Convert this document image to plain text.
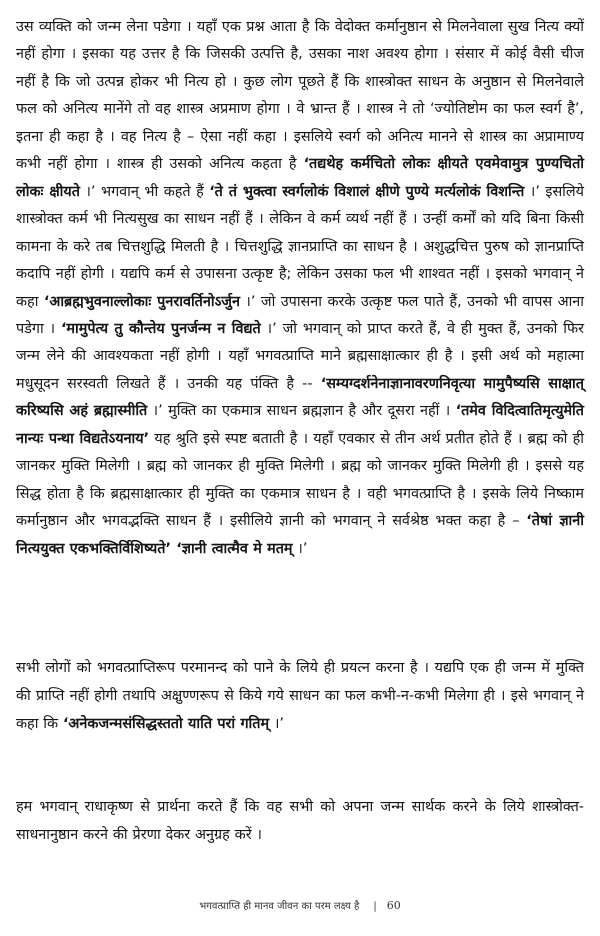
उस व्यक्ति को जन्म लेना पडेगा । यहाँ एक प्रश्न आता है कि वेदोक्त कर्मानुष्ठान से मिलनेवाला सुख नित्य क्यों नहीं होगा । इसका यह उत्तर है कि जिसकी उत्पत्ति है, उसका नाश अवश्य होगा । संसार में कोई वैसी चीज नहीं है कि जो उत्पन्न होकर भी नित्य हो । कुछ लोग पूछते हैं कि शास्त्रोक्त साधन के अनुष्ठान से मिलनेवाले फल को अनित्य मानेंगे तो वह शास्त्र अप्रमाण होगा । वे भ्रान्त हैं । शास्त्र ने तो ‘ज्योतिष्टोम का फल स्वर्ग है’, इतना ही कहा है । वह नित्य है – ऐसा नहीं कहा । इसलिये स्वर्ग को अनित्य मानने से शास्त्र का अप्रामाण्य कभी नहीं होगा । शास्त्र ही उसको अनित्य कहता है ‘तद्यथेह कर्मचितो लोकः क्षीयते एवमेवामुत्र पुण्यचितो लोकः क्षीयते ।’ भगवान् भी कहते हैं ‘ते तं भुक्त्वा स्वर्गलोकं विशालं क्षीणे पुण्ये मर्त्यलोकं विशन्ति ।’ इसलिये शास्त्रोक्त कर्म भी नित्यसुख का साधन नहीं हैं । लेकिन वे कर्म व्यर्थ नहीं हैं । उन्हीं कर्मों को यदि बिना किसी कामना के करे तब चित्तशुद्धि मिलती है । चित्तशुद्धि ज्ञानप्राप्ति का साधन है । अशुद्धचित्त पुरुष को ज्ञानप्राप्ति कदापि नहीं होगी । यद्यपि कर्म से उपासना उत्कृष्ट है; लेकिन उसका फल भी शाश्वत नहीं । इसको भगवान् ने कहा ‘आब्रह्मभुवनाल्लोकाः पुनरावर्तिनोऽर्जुन ।’ जो उपासना करके उत्कृष्ट फल पाते हैं, उनको भी वापस आना पडेगा । ‘मामुपेत्य तु कौन्तेय पुनर्जन्म न विद्यते ।’ जो भगवान् को प्राप्त करते हैं, वे ही मुक्त हैं, उनको फिर जन्म लेने की आवश्यकता नहीं होगी । यहाँ भगवत्प्राप्ति माने ब्रह्मसाक्षात्कार ही है । इसी अर्थ को महात्मा मधुसूदन सरस्वती लिखते हैं । उनकी यह पंक्ति है -- ‘सम्यग्दर्शनेनाज्ञानावरणनिवृत्या मामुपैष्यसि साक्षात् करिष्यसि अहं ब्रह्मास्मीति ।’ मुक्ति का एकमात्र साधन ब्रह्मज्ञान है और दूसरा नहीं । ‘तमेव विदित्वातिमृत्युमेति नान्यः पन्था विद्यतेऽयनाय’ यह श्रुति इसे स्पष्ट बताती है । यहाँ एवकार से तीन अर्थ प्रतीत होते हैं । ब्रह्म को ही जानकर मुक्ति मिलेगी । ब्रह्म को जानकर ही मुक्ति मिलेगी । ब्रह्म को जानकर मुक्ति मिलेगी ही । इससे यह सिद्ध होता है कि ब्रह्मसाक्षात्कार ही मुक्ति का एकमात्र साधन है । वही भगवत्प्राप्ति है । इसके लिये निष्काम कर्मानुष्ठान और भगवद्भक्ति साधन हैं । इसीलिये ज्ञानी को भगवान् ने सर्वश्रेष्ठ भक्त कहा है – ‘तेषां ज्ञानी नित्ययुक्त एकभक्तिर्विशिष्यते’ ‘ज्ञानी त्वात्मैव मे मतम् ।’

सभी लोगों को भगवत्प्राप्तिरूप परमानन्द को पाने के लिये ही प्रयत्न करना है । यद्यपि एक ही जन्म में मुक्ति की प्राप्ति नहीं होगी तथापि अक्षुण्णरूप से किये गये साधन का फल कभी-न-कभी मिलेगा ही । इसे भगवान् ने कहा कि ‘अनेकजन्मसंसिद्धस्ततो याति परां गतिम् ।’

हम भगवान् राधाकृष्ण से प्रार्थना करते हैं कि वह सभी को अपना जन्म सार्थक करने के लिये शास्त्रोक्त-साधनानुष्ठान करने की प्रेरणा देकर अनुग्रह करें ।

भगवत्प्राप्ति ही मानव जीवन का परम लक्ष्य है | 60
